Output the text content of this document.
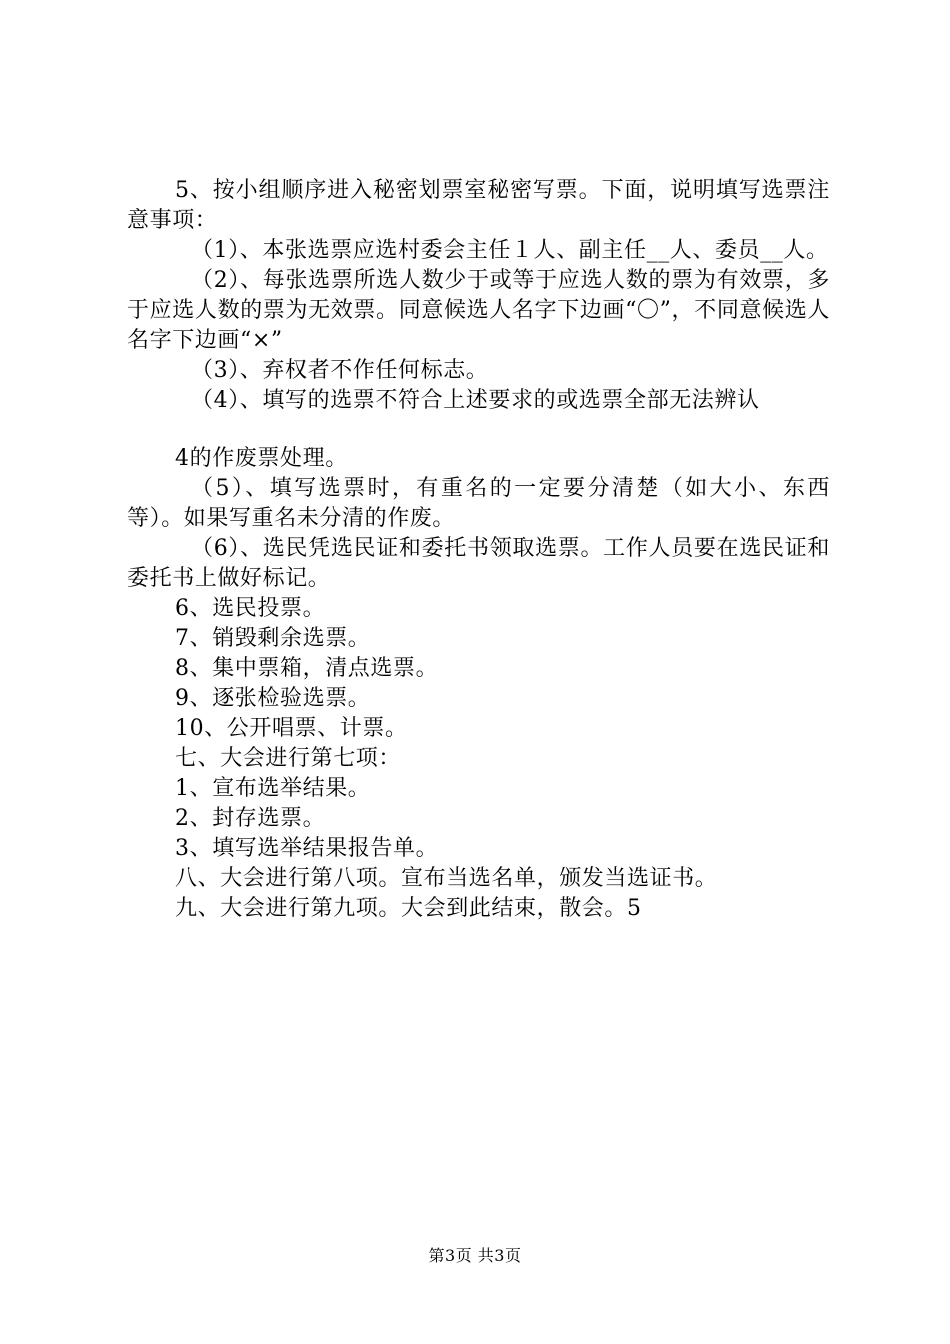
5、按小组顺序进入秘密划票室秘密写票。下面，说明填写选票注意事项：

（1）、本张选票应选村委会主任１人、副主任__人、委员__人。

（2）、每张选票所选人数少于或等于应选人数的票为有效票，多于应选人数的票为无效票。同意候选人名字下边画“〇”，不同意候选人名字下边画“×”

（3）、弃权者不作任何标志。

（4）、填写的选票不符合上述要求的或选票全部无法辨认

4的作废票处理。

（5）、填写选票时，有重名的一定要分清楚（如大小、东西等）。如果写重名未分清的作废。

（6）、选民凭选民证和委托书领取选票。工作人员要在选民证和委托书上做好标记。

6、选民投票。

7、销毁剩余选票。

8、集中票箱，清点选票。

9、逐张检验选票。

10、公开唱票、计票。

七、大会进行第七项：

1、宣布选举结果。

2、封存选票。

3、填写选举结果报告单。

八、大会进行第八项。宣布当选名单，颁发当选证书。

九、大会进行第九项。大会到此结束，散会。5

第3页 共3页
